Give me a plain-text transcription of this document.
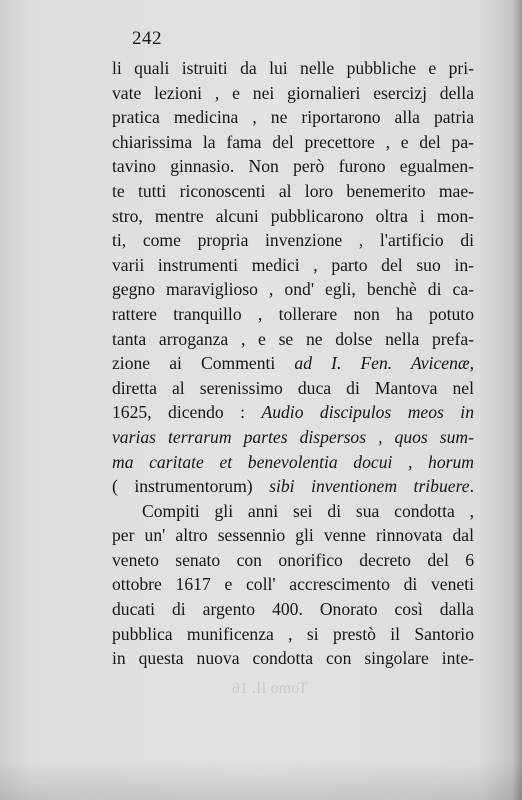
242
Tomo II. 16
li quali istruiti da lui nelle pubbliche e pri-
vate lezioni , e nei giornalieri esercizj della
pratica medicina , ne riportarono alla patria
chiarissima la fama del precettore , e del pa-
tavino ginnasio. Non però furono egualmen-
te tutti riconoscenti al loro benemerito mae-
stro, mentre alcuni pubblicarono oltra i mon-
ti, come propria invenzione , l'artificio di
varii instrumenti medici , parto del suo in-
gegno maraviglioso , ond' egli, benchè di ca-
rattere tranquillo , tollerare non ha potuto
tanta arroganza , e se ne dolse nella prefa-
zione ai Commenti ad I. Fen. Avicenæ,
diretta al serenissimo duca di Mantova nel
1625, dicendo : Audio discipulos meos in
varias terrarum partes dispersos , quos sum-
ma caritate et benevolentia docui , horum
( instrumentorum) sibi inventionem tribuere.
Compiti gli anni sei di sua condotta ,
per un' altro sessennio gli venne rinnovata dal
veneto senato con onorifico decreto del 6
ottobre 1617 e coll' accrescimento di veneti
ducati di argento 400. Onorato così dalla
pubblica munificenza , si prestò il Santorio
in questa nuova condotta con singolare inte-
